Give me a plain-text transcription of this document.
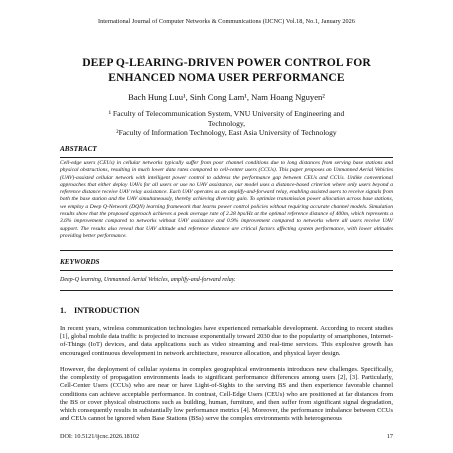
International Journal of Computer Networks & Communications (IJCNC) Vol.18, No.1, January 2026
DEEP Q-LEARING-DRIVEN POWER CONTROL FOR
ENHANCED NOMA USER PERFORMANCE
Bach Hung Luu¹, Sinh Cong Lam¹, Nam Hoang Nguyen²
¹ Faculty of Telecommunication System, VNU University of Engineering and
Technology,
²Faculty of Information Technology, East Asia University of Technology
ABSTRACT
Cell-edge users (CEUs) in cellular networks typically suffer from poor channel conditions due to long distances from serving base stations and physical obstructions, resulting in much lower data rates compared to cell-center users (CCUs). This paper proposes an Unmanned Aerial Vehicles (UAV)-assisted cellular network with intelligent power control to address the performance gap between CEUs and CCUs. Unlike conventional approaches that either deploy UAVs for all users or use no UAV assistance, our model uses a distance-based criterion where only users beyond a reference distance receive UAV relay assistance. Each UAV operates as an amplify-and-forward relay, enabling assisted users to receive signals from both the base station and the UAV simultaneously, thereby achieving diversity gain. To optimize transmission power allocation across base stations, we employ a Deep Q-Network (DQN) learning framework that learns power control policies without requiring accurate channel models. Simulation results show that the proposed approach achieves a peak average rate of 2.28 bps/Hz at the optimal reference distance of 400m, which represents a 3.6% improvement compared to networks without UAV assistance and 0.9% improvement compared to networks where all users receive UAV support. The results also reveal that UAV altitude and reference distance are critical factors affecting system performance, with lower altitudes providing better performance.
KEYWORDS
Deep-Q learning, Unmanned Aerial Vehicles, amplify-and-forward relay.
1. INTRODUCTION
In recent years, wireless communication technologies have experienced remarkable development. According to recent studies [1], global mobile data traffic is projected to increase exponentially toward 2030 due to the popularity of smartphones, Internet-of-Things (IoT) devices, and data applications such as video streaming and real-time services. This explosive growth has encouraged continuous development in network architecture, resource allocation, and physical layer design.
However, the deployment of cellular systems in complex geographical environments introduces new challenges. Specifically, the complexity of propagation environments leads to significant performance differences among users [2], [3]. Particularly, Cell-Center Users (CCUs) who are near or have Light-of-Sights to the serving BS and then experience favorable channel conditions can achieve acceptable performance. In contrast, Cell-Edge Users (CEUs) who are positioned at far distances from the BS or cover physical obstructions such as building, human, furniture, and then suffer from significant signal degradation, which consequently results in substantially low performance metrics [4]. Moreover, the performance imbalance between CCUs and CEUs cannot be ignored when Base Stations (BSs) serve the complex environments with heterogeneous
DOI: 10.5121/ijcnc.2026.18102	17
